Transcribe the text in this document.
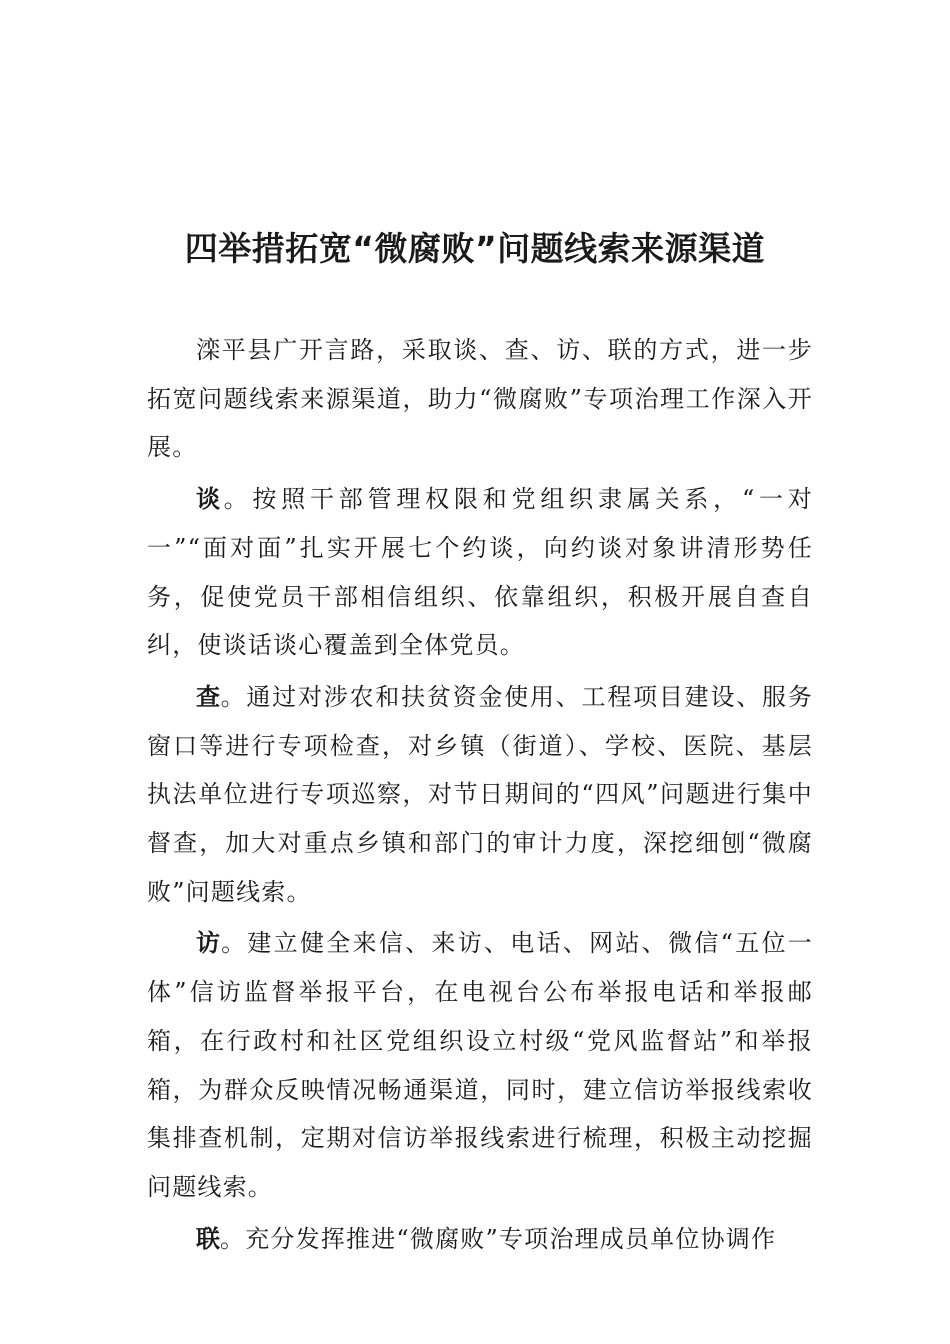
四举措拓宽“微腐败”问题线索来源渠道

滦平县广开言路，采取谈、查、访、联的方式，进一步拓宽问题线索来源渠道，助力“微腐败”专项治理工作深入开展。

谈。按照干部管理权限和党组织隶属关系，“一对一”“面对面”扎实开展七个约谈，向约谈对象讲清形势任务，促使党员干部相信组织、依靠组织，积极开展自查自纠，使谈话谈心覆盖到全体党员。

查。通过对涉农和扶贫资金使用、工程项目建设、服务窗口等进行专项检查，对乡镇（街道）、学校、医院、基层执法单位进行专项巡察，对节日期间的“四风”问题进行集中督查，加大对重点乡镇和部门的审计力度，深挖细刨“微腐败”问题线索。

访。建立健全来信、来访、电话、网站、微信“五位一体”信访监督举报平台，在电视台公布举报电话和举报邮箱，在行政村和社区党组织设立村级“党风监督站”和举报箱，为群众反映情况畅通渠道，同时，建立信访举报线索收集排查机制，定期对信访举报线索进行梳理，积极主动挖掘问题线索。

联。充分发挥推进“微腐败”专项治理成员单位协调作
